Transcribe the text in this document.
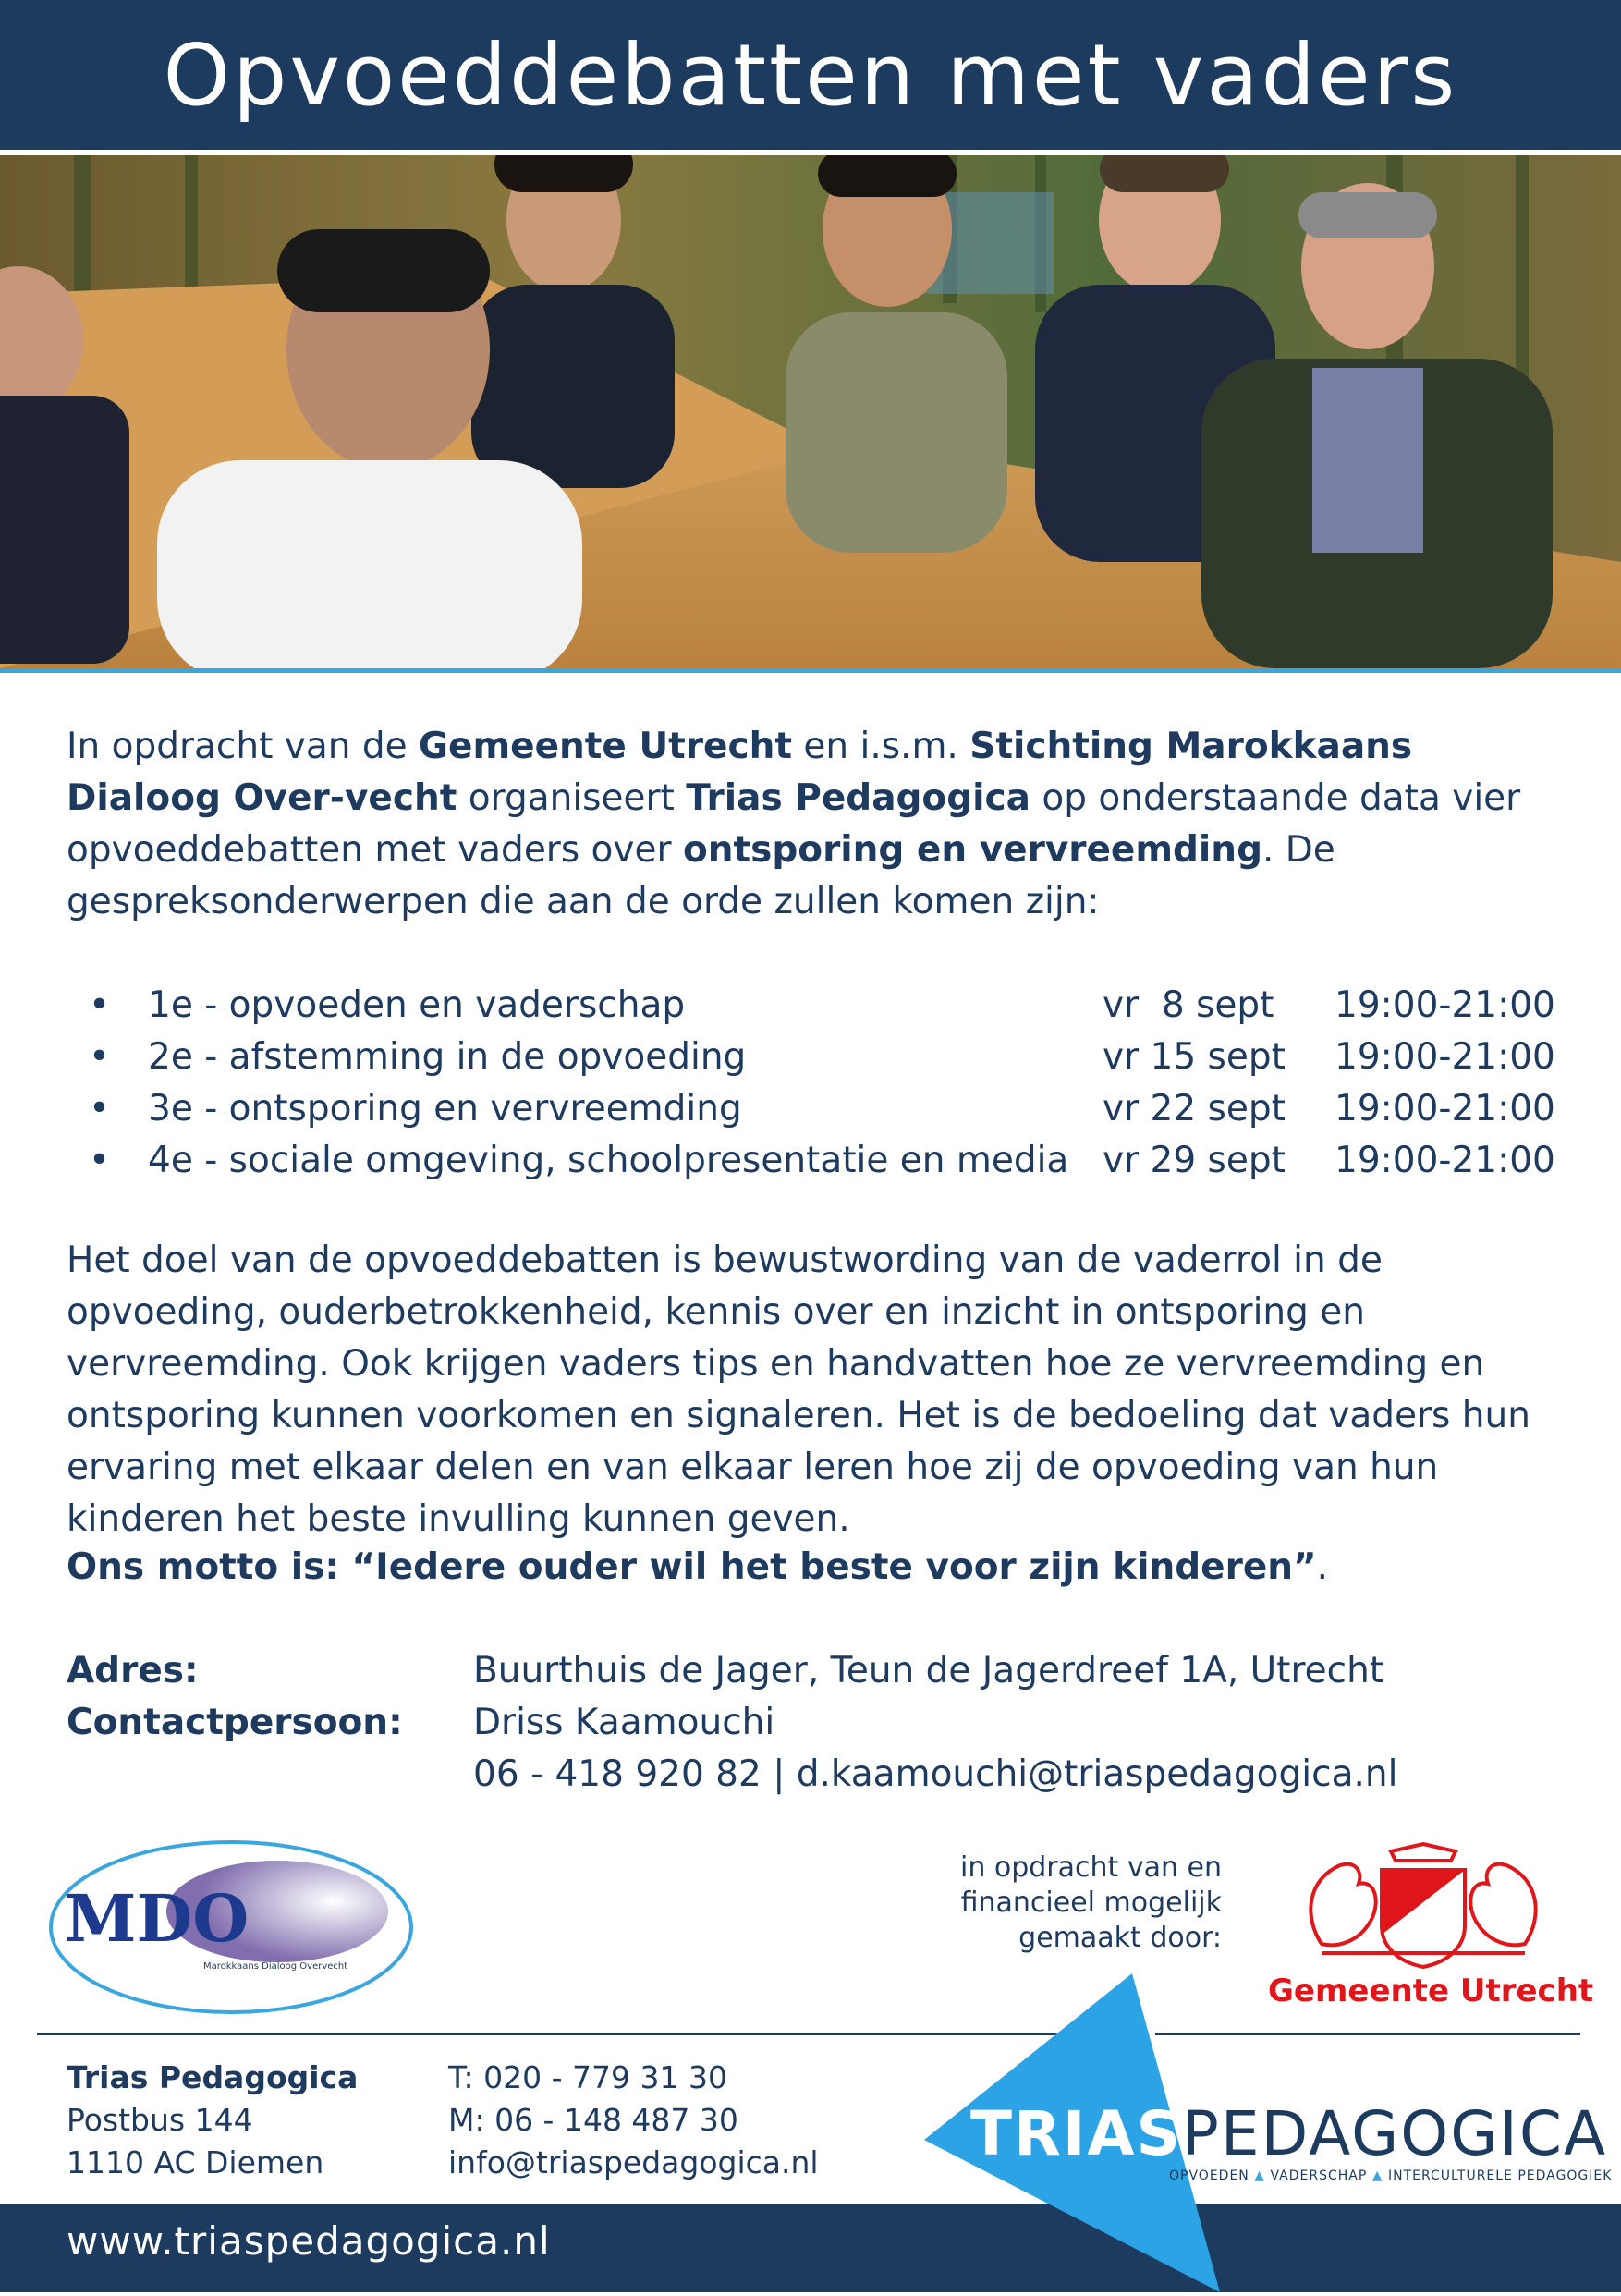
Opvoeddebatten met vaders
In opdracht van de Gemeente Utrecht en i.s.m. Stichting Marokkaans Dialoog Over-vecht organiseert Trias Pedagogica op onderstaande data vier opvoeddebatten met vaders over ontsporing en vervreemding. De gespreksonderwerpen die aan de orde zullen komen zijn:
• 1e - opvoeden en vaderschap	vr  8 sept 19:00-21:00
• 2e - afstemming in de opvoeding	vr 15 sept 19:00-21:00
• 3e - ontsporing en vervreemding	vr 22 sept 19:00-21:00
• 4e - sociale omgeving, schoolpresentatie en media vr 29 sept 19:00-21:00
Het doel van de opvoeddebatten is bewustwording van de vaderrol in de opvoeding, ouderbetrokkenheid, kennis over en inzicht in ontsporing en vervreemding. Ook krijgen vaders tips en handvatten hoe ze vervreemding en ontsporing kunnen voorkomen en signaleren. Het is de bedoeling dat vaders hun ervaring met elkaar delen en van elkaar leren hoe zij de opvoeding van hun kinderen het beste invulling kunnen geven.
Ons motto is: “Iedere ouder wil het beste voor zijn kinderen”.
Adres:	Buurthuis de Jager, Teun de Jagerdreef 1A, Utrecht
Contactpersoon: Driss Kaamouchi
06 - 418 920 82 | d.kaamouchi@triaspedagogica.nl
MDO
Marokkaans Dialoog Overvecht
in opdracht van en
financieel mogelijk
gemaakt door:
Gemeente Utrecht
Trias Pedagogica
Postbus 144
1110 AC Diemen
T: 020 - 779 31 30
M: 06 - 148 487 30
info@triaspedagogica.nl
www.triaspedagogica.nl
TRIASPEDAGOGICA
OPVOEDEN ▲ VADERSCHAP ▲ INTERCULTURELE PEDAGOGIEK
